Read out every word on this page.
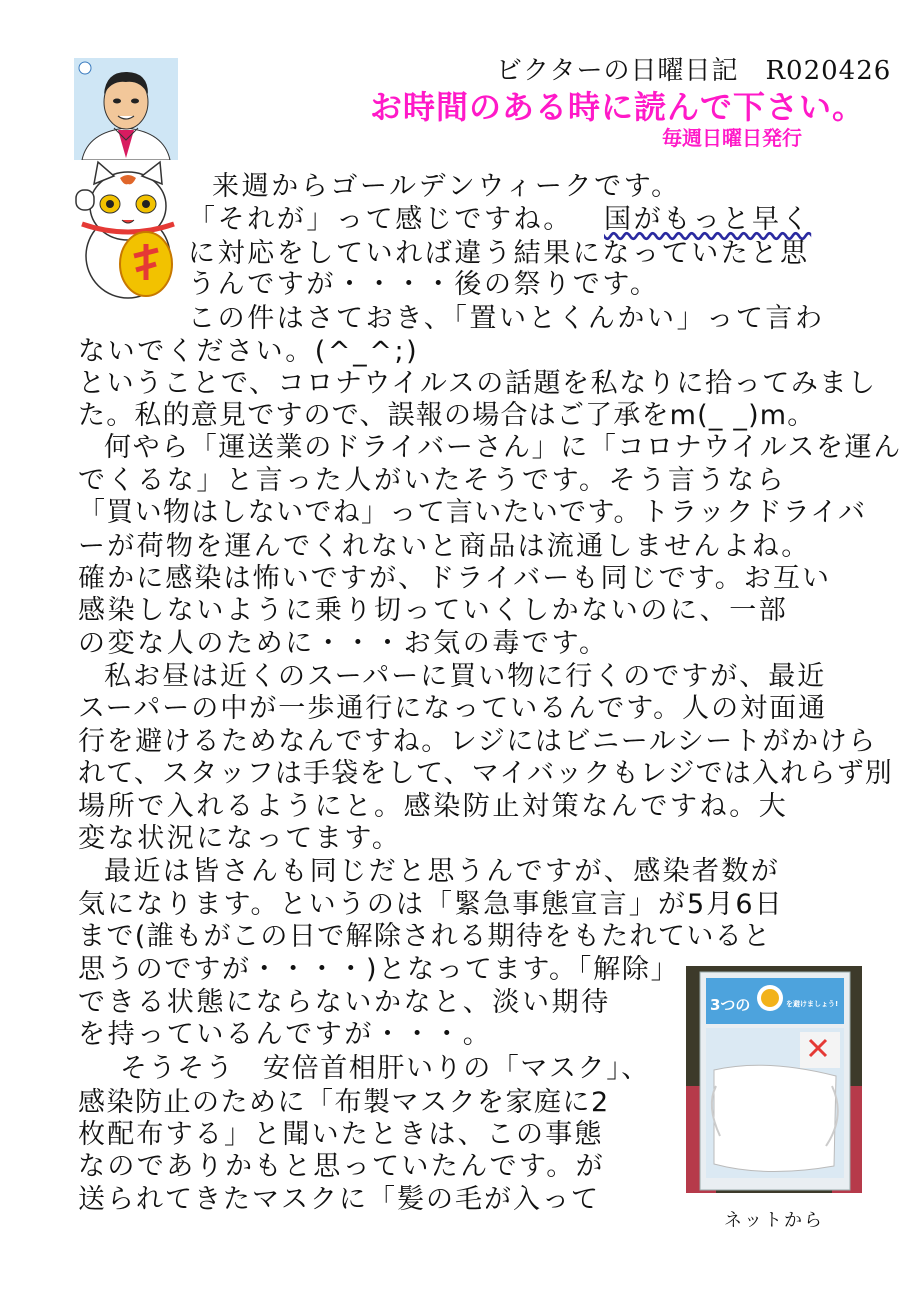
ビクターの日曜日記　R020426
お時間のある時に読んで下さい。
毎週日曜日発行
来週からゴールデンウィークです。
「それが」って感じですね。 国がもっと早く
に対応をしていれば違う結果になっていたと思
うんですが・・・・後の祭りです。
この件はさておき、「置いとくんかい」って言わ
ないでください。(^_^;)
ということで、コロナウイルスの話題を私なりに拾ってみまし
た。私的意見ですので、誤報の場合はご了承をm(_ _)m。
何やら「運送業のドライバーさん」に「コロナウイルスを運ん
でくるな」と言った人がいたそうです。そう言うなら
「買い物はしないでね」って言いたいです。トラックドライバ
ーが荷物を運んでくれないと商品は流通しませんよね。
確かに感染は怖いですが、ドライバーも同じです。お互い
感染しないように乗り切っていくしかないのに、一部
の変な人のために・・・お気の毒です。
私お昼は近くのスーパーに買い物に行くのですが、最近
スーパーの中が一歩通行になっているんです。人の対面通
行を避けるためなんですね。レジにはビニールシートがかけら
れて、スタッフは手袋をして、マイバックもレジでは入れらず別
場所で入れるようにと。感染防止対策なんですね。大
変な状況になってます。
最近は皆さんも同じだと思うんですが、感染者数が
気になります。というのは「緊急事態宣言」が5月6日
まで(誰もがこの日で解除される期待をもたれていると
思うのですが・・・・)となってます。「解除」
できる状態にならないかなと、淡い期待
を持っているんですが・・・。
そうそう　安倍首相肝いりの「マスク」、
感染防止のために「布製マスクを家庭に2
枚配布する」と聞いたときは、この事態
なのでありかもと思っていたんです。が
送られてきたマスクに「髪の毛が入って
3つの	を避けましょう!
ネットから
